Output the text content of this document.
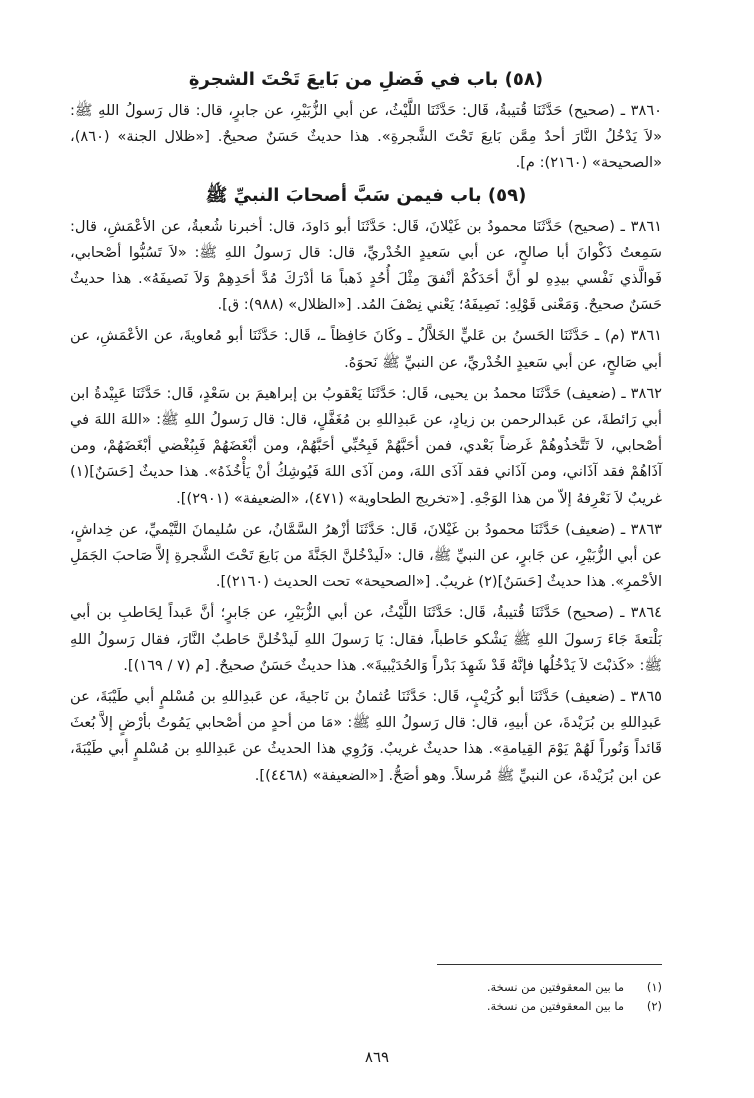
(٥٨) باب في فَضلِ من بَايعَ تَحْتَ الشجرةِ

٣٨٦٠ ـ (صحيح) حَدَّثَنَا قُتيبةُ، قَال: حَدَّثَنَا اللَّيْثُ، عن أبي الزُّبَيْرِ، عن جابرٍ، قال: قال رَسولُ اللهِ ﷺ: «لاَ يَدْخُلُ النَّارَ أحدٌ مِمَّن بَايعَ تَحْتَ الشَّجرةِ». هذا حديثٌ حَسَنٌ صحيحٌ. [«ظلال الجنة» (٨٦٠)، «الصحيحة» (٢١٦٠): م].

(٥٩) باب فيمن سَبَّ أصحابَ النبيِّ ﷺ

٣٨٦١ ـ (صحيح) حَدَّثَنَا محمودُ بن غَيْلانَ، قَال: حَدَّثَنَا أبو دَاودَ، قال: أخبرنا شُعبةُ، عن الأعْمَشِ، قال: سَمِعتُ ذَكْوانَ أبا صالحٍ، عن أبي سَعيدٍ الخُدْريِّ، قال: قال رَسولُ اللهِ ﷺ: «لاَ تَسُبُّوا أصْحابي، فَوالَّذي نَفْسي بيدِهِ لو أنَّ أحَدَكُمْ أنْفقَ مِثْلَ أُحُدٍ ذَهباً مَا أدْرَكَ مُدَّ أحَدِهِمْ وَلاَ نَصيفَهُ». هذا حديثٌ حَسَنٌ صحيحٌ. وَمَعْنى قَوْلِهِ: نَصِيفَهُ؛ يَعْني نِصْفَ المُد. [«الظلال» (٩٨٨): ق].

٣٨٦١ (م) ـ حَدَّثَنَا الحَسنُ بن عَليٍّ الخَلاَّلُ ـ وكَانَ حَافِظاً ـ، قَال: حَدَّثَنَا أبو مُعاويةَ، عن الأعْمَشِ، عن أبي صَالحٍ، عن أبي سَعيدٍ الخُدْريِّ، عن النبيِّ ﷺ نَحوَهُ.

٣٨٦٢ ـ (ضعيف) حَدَّثَنَا محمدُ بن يحيى، قَال: حَدَّثَنَا يَعْقوبُ بن إبراهيمَ بن سَعْدٍ، قَال: حَدَّثَنَا عَبِيْدةُ ابن أبي رَائطةَ، عن عَبدالرحمن بن زيادٍ، عن عَبدِاللهِ بن مُغَفَّلٍ، قال: قال رَسولُ اللهِ ﷺ: «اللهَ اللهَ في أصْحابي، لاَ تَتَّخذُوهُمْ غَرضاً بَعْدي، فمن أحَبَّهُمْ فَبِحُبِّي أحَبَّهُمْ، ومن أبْغَضَهُمْ فَبِبُغْضي أبْغَضَهُمْ، ومن آذَاهُمْ فقد آذَاني، ومن آذَاني فقد آذَى اللهَ، ومن آذَى اللهَ فَيُوشِكُ أنْ يَأْخُذَهُ». هذا حديثٌ [حَسَنٌ](١) غريبٌ لاَ نَعْرِفهُ إلاّ من هذا الوَجْهِ. [«تخريج الطحاوية» (٤٧١)، «الضعيفة» (٢٩٠١)].

٣٨٦٣ ـ (ضعيف) حَدَّثَنَا محمودُ بن غَيْلانَ، قَال: حَدَّثَنَا أزْهرُ السَّمَّانُ، عن سُليمانَ التَّيْميِّ، عن خِداشٍ، عن أبي الزُّبَيْرِ، عن جَابرٍ، عن النبيِّ ﷺ، قال: «لَيدْخُلنَّ الجَنَّةَ من بَايعَ تَحْتَ الشَّجرةِ إلاَّ صَاحبَ الجَمَلِ الأحْمرِ». هذا حديثٌ [حَسَنٌ](٢) غريبٌ. [«الصحيحة» تحت الحديث (٢١٦٠)].

٣٨٦٤ ـ (صحيح) حَدَّثَنَا قُتيبةُ، قَال: حَدَّثَنَا اللَّيْثُ، عن أبي الزُّبَيْرِ، عن جَابرٍ؛ أنَّ عَبداً لِحَاطبِ بن أبي بَلْتعةَ جَاءَ رَسولَ اللهِ ﷺ يَشْكو حَاطباً، فقال: يَا رَسولَ اللهِ لَيدْخُلنَّ حَاطبٌ النَّارَ، فقال رَسولُ اللهِ ﷺ: «كَذبْتَ لاَ يَدْخُلُها فإنَّهُ قَدْ شَهِدَ بَدْراً وَالحُدَيْبيةَ». هذا حديثٌ حَسَنٌ صحيحٌ. [م (٧ / ١٦٩)].

٣٨٦٥ ـ (ضعيف) حَدَّثَنَا أبو كُرَيْبٍ، قَال: حَدَّثَنَا عُثمانُ بن نَاجيةَ، عن عَبدِاللهِ بن مُسْلمٍ أبي طَيْبَةَ، عن عَبدِاللهِ بن بُرَيْدةَ، عن أبيهِ، قال: قال رَسولُ اللهِ ﷺ: «مَا من أحدٍ من أصْحابي يَمُوتُ بأرْضٍ إلاَّ بُعثَ قَائداً وَنُوراً لَهُمْ يَوْمَ القِيامةِ». هذا حديثٌ غريبٌ. وَرُوِي هذا الحديثُ عن عَبدِاللهِ بن مُسْلمٍ أبي طَيْبَةَ، عن ابن بُرَيْدةَ، عن النبيِّ ﷺ مُرسلاً. وهو أصَحُّ. [«الضعيفة» (٤٤٦٨)].

(١)
ما بين المعقوفتين من نسخة.
(٢)
ما بين المعقوفتين من نسخة.
٨٦٩
